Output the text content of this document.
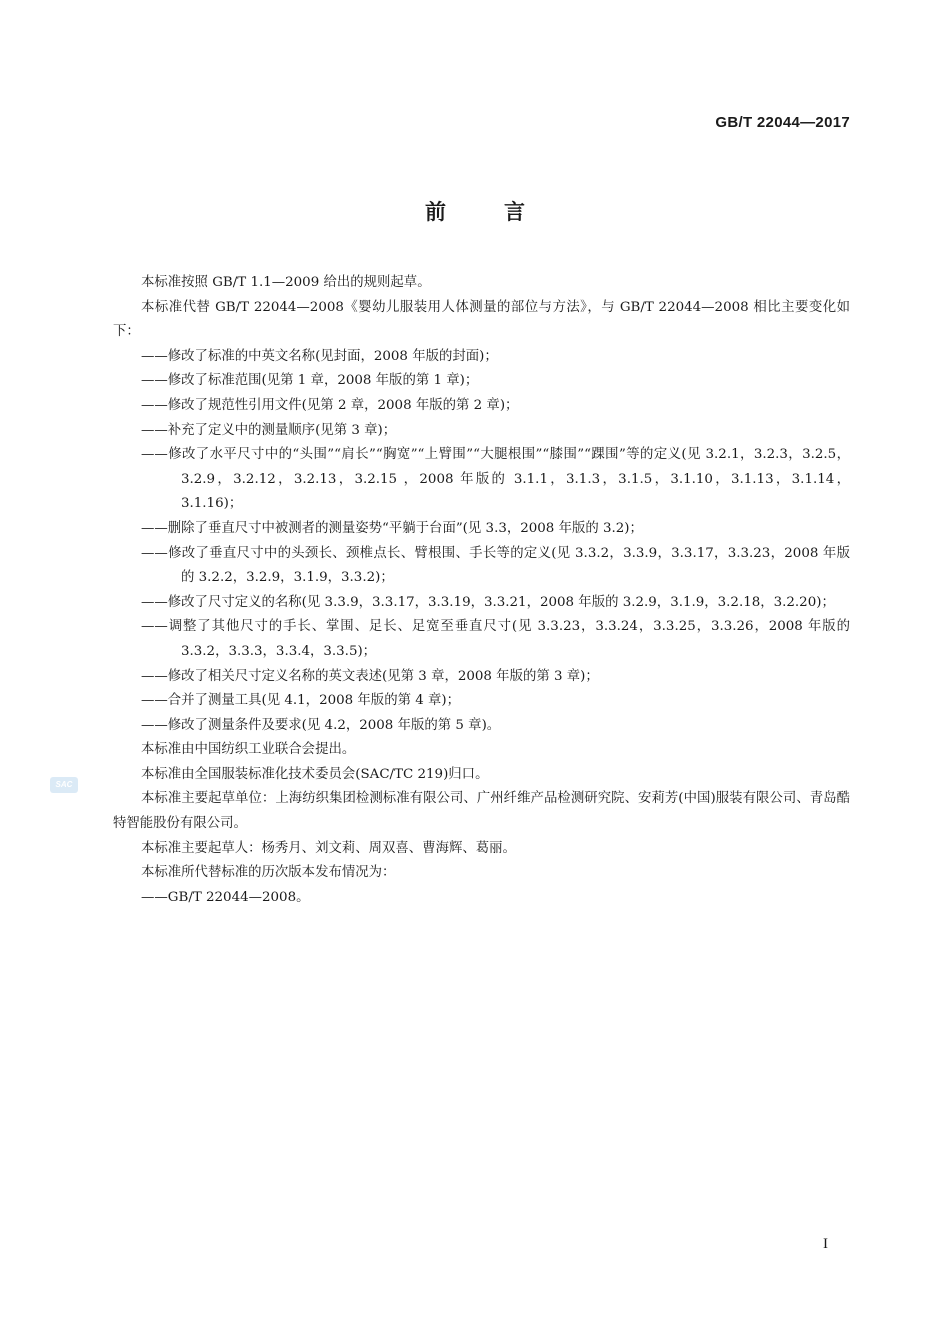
GB/T 22044—2017
前言
本标准按照 GB/T 1.1—2009 给出的规则起草。
本标准代替 GB/T 22044—2008《婴幼儿服装用人体测量的部位与方法》，与 GB/T 22044—2008 相比主要变化如下：
——修改了标准的中英文名称(见封面，2008 年版的封面)；
——修改了标准范围(见第 1 章，2008 年版的第 1 章)；
——修改了规范性引用文件(见第 2 章，2008 年版的第 2 章)；
——补充了定义中的测量顺序(见第 3 章)；
——修改了水平尺寸中的“头围”“肩长”“胸宽”“上臂围”“大腿根围”“膝围”“踝围”等的定义(见 3.2.1，3.2.3，3.2.5，3.2.9，3.2.12，3.2.13，3.2.15 ，2008 年版的 3.1.1，3.1.3，3.1.5，3.1.10，3.1.13，3.1.14，3.1.16)；
——删除了垂直尺寸中被测者的测量姿势“平躺于台面”(见 3.3，2008 年版的 3.2)；
——修改了垂直尺寸中的头颈长、颈椎点长、臂根围、手长等的定义(见 3.3.2，3.3.9，3.3.17，3.3.23，2008 年版的 3.2.2，3.2.9，3.1.9，3.3.2)；
——修改了尺寸定义的名称(见 3.3.9，3.3.17，3.3.19，3.3.21，2008 年版的 3.2.9，3.1.9，3.2.18，3.2.20)；
——调整了其他尺寸的手长、掌围、足长、足宽至垂直尺寸(见 3.3.23，3.3.24，3.3.25，3.3.26，2008 年版的 3.3.2，3.3.3，3.3.4，3.3.5)；
——修改了相关尺寸定义名称的英文表述(见第 3 章，2008 年版的第 3 章)；
——合并了测量工具(见 4.1，2008 年版的第 4 章)；
——修改了测量条件及要求(见 4.2，2008 年版的第 5 章)。
本标准由中国纺织工业联合会提出。
本标准由全国服装标准化技术委员会(SAC/TC 219)归口。
本标准主要起草单位：上海纺织集团检测标准有限公司、广州纤维产品检测研究院、安莉芳(中国)服装有限公司、青岛酷特智能股份有限公司。
本标准主要起草人：杨秀月、刘文莉、周双喜、曹海辉、葛丽。
本标准所代替标准的历次版本发布情况为：
——GB/T 22044—2008。
SAC
I
